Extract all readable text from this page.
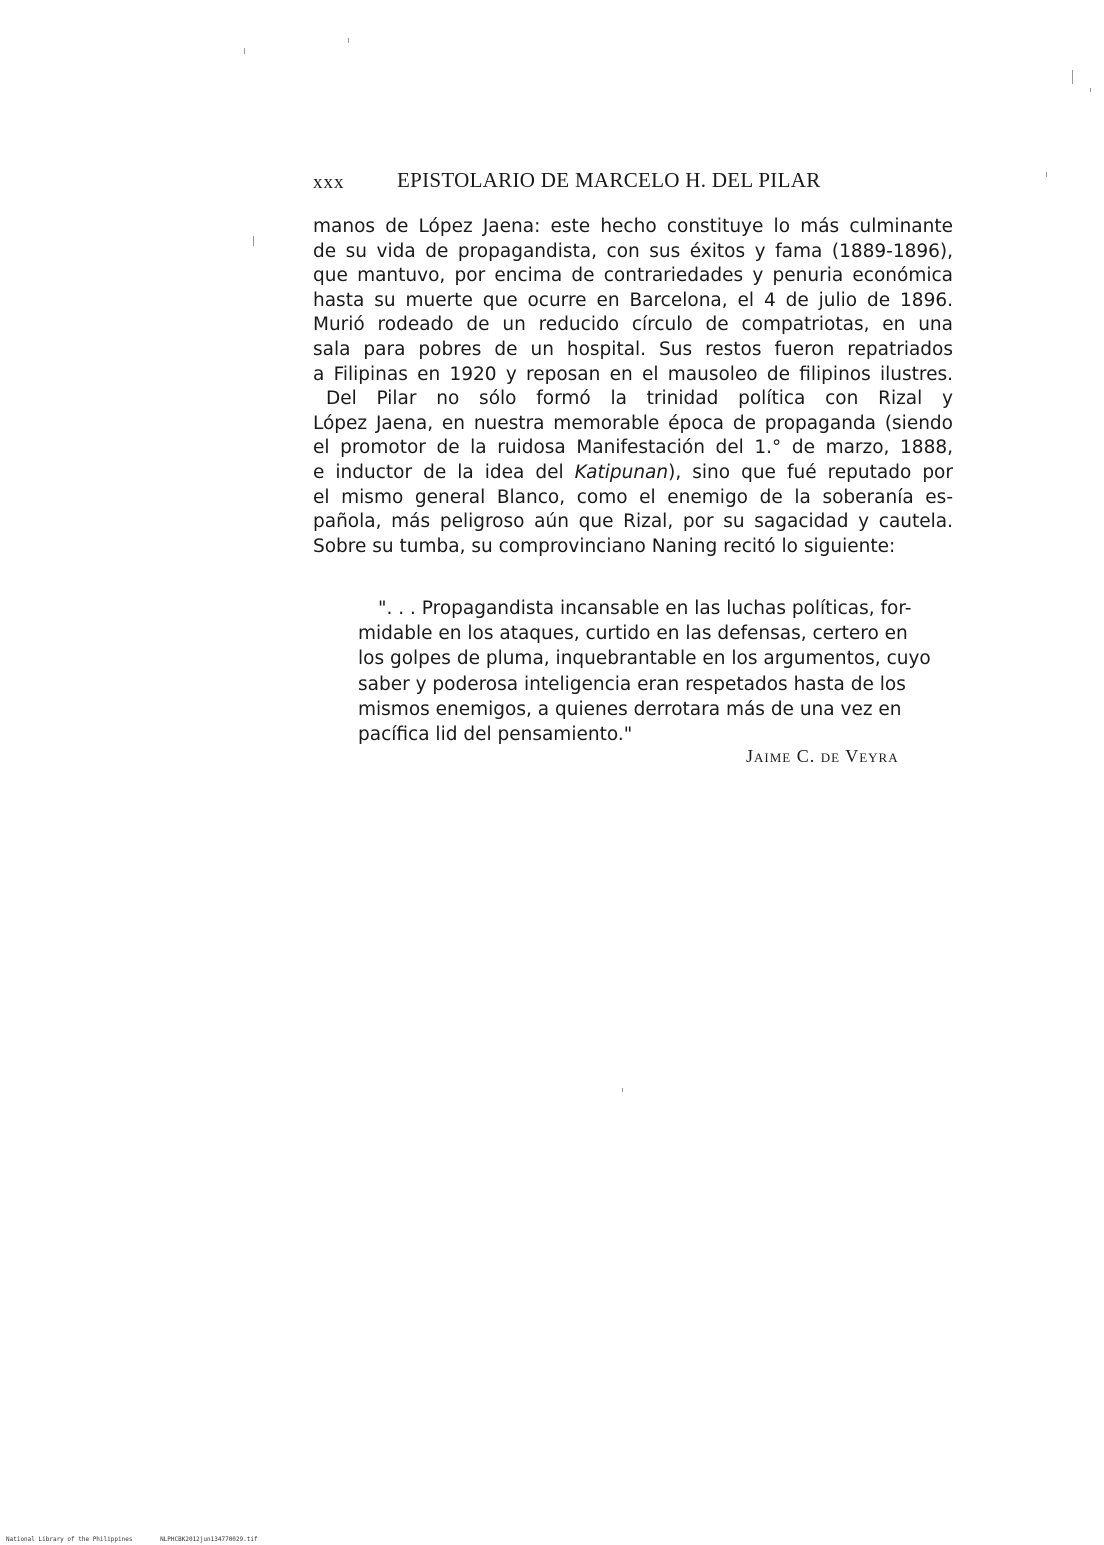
xxx	EPISTOLARIO DE MARCELO H. DEL PILAR
manos de López Jaena: este hecho constituye lo más culminante
de su vida de propagandista, con sus éxitos y fama (1889-1896),
que mantuvo, por encima de contrariedades y penuria económica
hasta su muerte que ocurre en Barcelona, el 4 de julio de 1896.
Murió rodeado de un reducido círculo de compatriotas, en una
sala para pobres de un hospital. Sus restos fueron repatriados
a Filipinas en 1920 y reposan en el mausoleo de filipinos ilustres.
Del Pilar no sólo formó la trinidad política con Rizal y
López Jaena, en nuestra memorable época de propaganda (siendo
el promotor de la ruidosa Manifestación del 1.° de marzo, 1888,
e inductor de la idea del Katipunan), sino que fué reputado por
el mismo general Blanco, como el enemigo de la soberanía es-
pañola, más peligroso aún que Rizal, por su sagacidad y cautela.
Sobre su tumba, su comprovinciano Naning recitó lo siguiente:
". . . Propagandista incansable en las luchas políticas, for-
midable en los ataques, curtido en las defensas, certero en
los golpes de pluma, inquebrantable en los argumentos, cuyo
saber y poderosa inteligencia eran respetados hasta de los
mismos enemigos, a quienes derrotara más de una vez en
pacífica lid del pensamiento."
Jaime C. de Veyra
National Library of the Philippines	NLPHCBK2012jun134770029.tif
